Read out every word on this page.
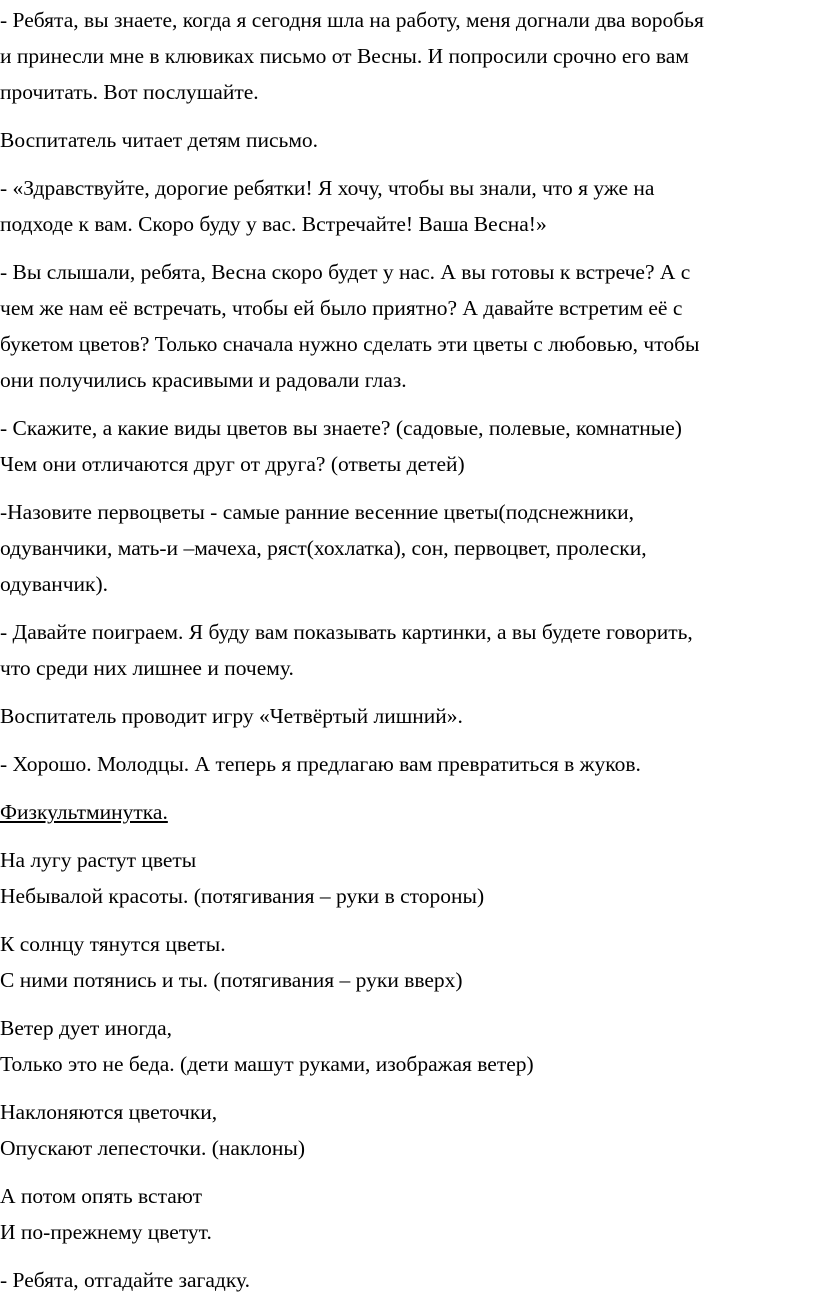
- Ребята, вы знаете, когда я сегодня шла на работу, меня догнали два воробья
и принесли мне в клювиках письмо от Весны. И попросили срочно его вам
прочитать. Вот послушайте.

Воспитатель читает детям письмо.

- «Здравствуйте, дорогие ребятки! Я хочу, чтобы вы знали, что я уже на
подходе к вам. Скоро буду у вас. Встречайте! Ваша Весна!»

- Вы слышали, ребята, Весна скоро будет у нас. А вы готовы к встрече? А с
чем же нам её встречать, чтобы ей было приятно? А давайте встретим её с
букетом цветов? Только сначала нужно сделать эти цветы с любовью, чтобы
они получились красивыми и радовали глаз.

- Скажите, а какие виды цветов вы знаете? (садовые, полевые, комнатные)
Чем они отличаются друг от друга? (ответы детей)

-Назовите первоцветы - самые ранние весенние цветы(подснежники,
одуванчики, мать-и –мачеха, ряст(хохлатка), сон, первоцвет, пролески,
одуванчик).

- Давайте поиграем. Я буду вам показывать картинки, а вы будете говорить,
что среди них лишнее и почему.

Воспитатель проводит игру «Четвёртый лишний».

- Хорошо. Молодцы. А теперь я предлагаю вам превратиться в жуков.

Физкультминутка.

На лугу растут цветы
Небывалой красоты. (потягивания – руки в стороны)

К солнцу тянутся цветы.
С ними потянись и ты. (потягивания – руки вверх)

Ветер дует иногда,
Только это не беда. (дети машут руками, изображая ветер)

Наклоняются цветочки,
Опускают лепесточки. (наклоны)

А потом опять встают
И по-прежнему цветут.

- Ребята, отгадайте загадку.
